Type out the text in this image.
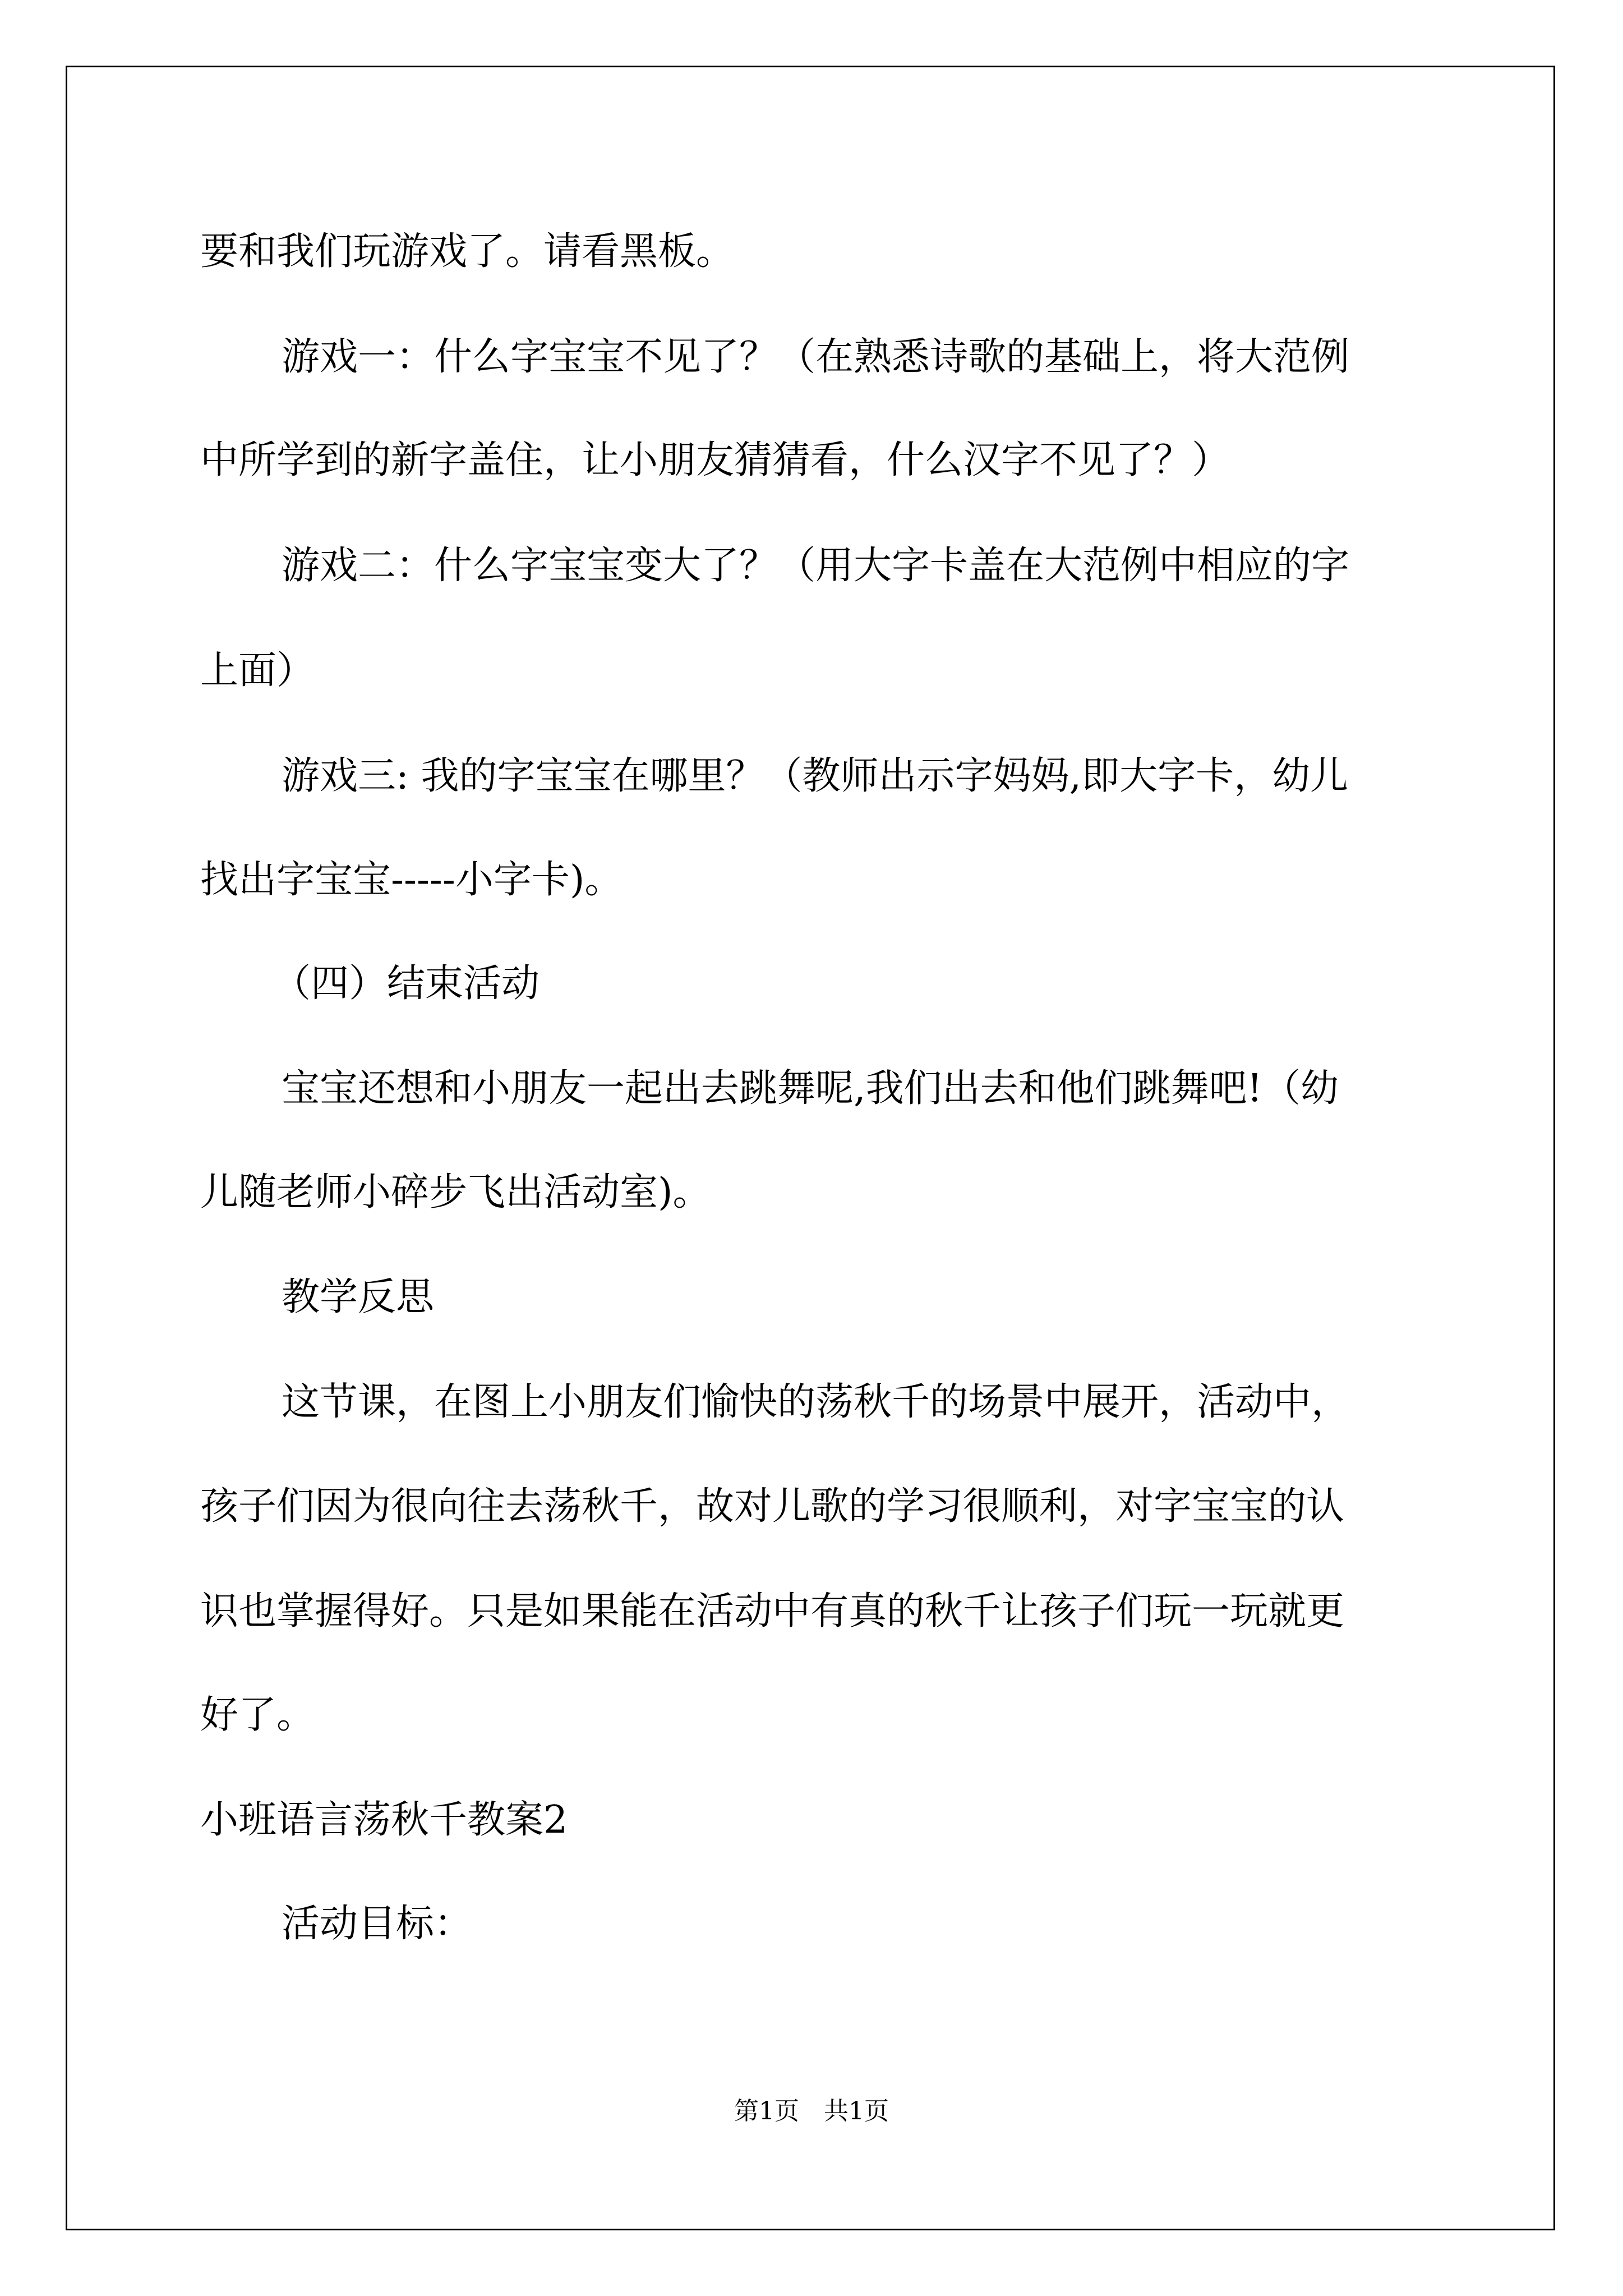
要和我们玩游戏了。请看黑板。
游戏一：什么字宝宝不见了？（在熟悉诗歌的基础上，将大范例
中所学到的新字盖住，让小朋友猜猜看，什么汉字不见了？）
游戏二：什么字宝宝变大了？（用大字卡盖在大范例中相应的字
上面）
游戏三: 我的字宝宝在哪里？（教师出示字妈妈,即大字卡，幼儿
找出字宝宝-----小字卡)。
（四）结束活动
宝宝还想和小朋友一起出去跳舞呢,我们出去和他们跳舞吧!（幼
儿随老师小碎步飞出活动室)。
教学反思
这节课，在图上小朋友们愉快的荡秋千的场景中展开，活动中，
孩子们因为很向往去荡秋千，故对儿歌的学习很顺利，对字宝宝的认
识也掌握得好。只是如果能在活动中有真的秋千让孩子们玩一玩就更
好了。
小班语言荡秋千教案2
活动目标：
第1页　共1页
